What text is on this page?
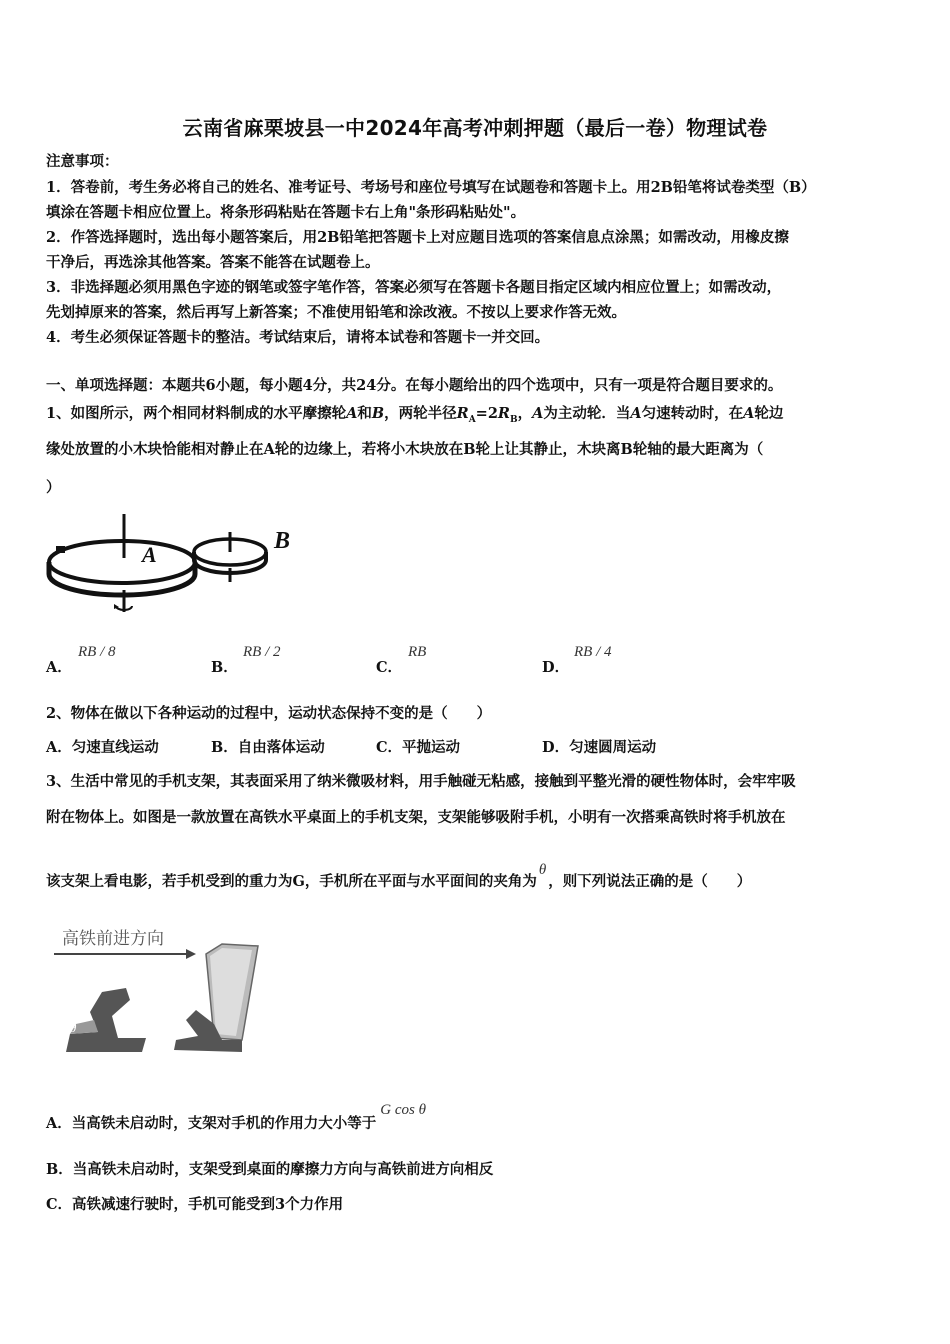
云南省麻栗坡县一中2024年高考冲刺押题（最后一卷）物理试卷
注意事项：
1．答卷前，考生务必将自己的姓名、准考证号、考场号和座位号填写在试题卷和答题卡上。用2B铅笔将试卷类型（B）
填涂在答题卡相应位置上。将条形码粘贴在答题卡右上角"条形码粘贴处"。
2．作答选择题时，选出每小题答案后，用2B铅笔把答题卡上对应题目选项的答案信息点涂黑；如需改动，用橡皮擦
干净后，再选涂其他答案。答案不能答在试题卷上。
3．非选择题必须用黑色字迹的钢笔或签字笔作答，答案必须写在答题卡各题目指定区域内相应位置上；如需改动，
先划掉原来的答案，然后再写上新答案；不准使用铅笔和涂改液。不按以上要求作答无效。
4．考生必须保证答题卡的整洁。考试结束后，请将本试卷和答题卡一并交回。
一、单项选择题：本题共6小题，每小题4分，共24分。在每小题给出的四个选项中，只有一项是符合题目要求的。
1、如图所示，两个相同材料制成的水平摩擦轮A和B，两轮半径$R_A=2R_B$，A为主动轮．当A匀速转动时，在A轮边
缘处放置的小木块恰能相对静止在A轮的边缘上，若将小木块放在B轮上让其静止，木块离B轮轴的最大距离为（
）
A
B
A．
RB / 8
B．
RB / 2
C．
RB
D．
RB / 4
2、物体在做以下各种运动的过程中，运动状态保持不变的是（　　）
A．匀速直线运动	B．自由落体运动	C．平抛运动	D．匀速圆周运动
3、生活中常见的手机支架，其表面采用了纳米微吸材料，用手触碰无粘感，接触到平整光滑的硬性物体时，会牢牢吸
附在物体上。如图是一款放置在高铁水平桌面上的手机支架，支架能够吸附手机，小明有一次搭乘高铁时将手机放在
该支架上看电影，若手机受到的重力为G，手机所在平面与水平面间的夹角为θ，则下列说法正确的是（　　）
高铁前进方向
θ
A．当高铁未启动时，支架对手机的作用力大小等于G cos θ
B．当高铁未启动时，支架受到桌面的摩擦力方向与高铁前进方向相反
C．高铁减速行驶时，手机可能受到3个力作用
